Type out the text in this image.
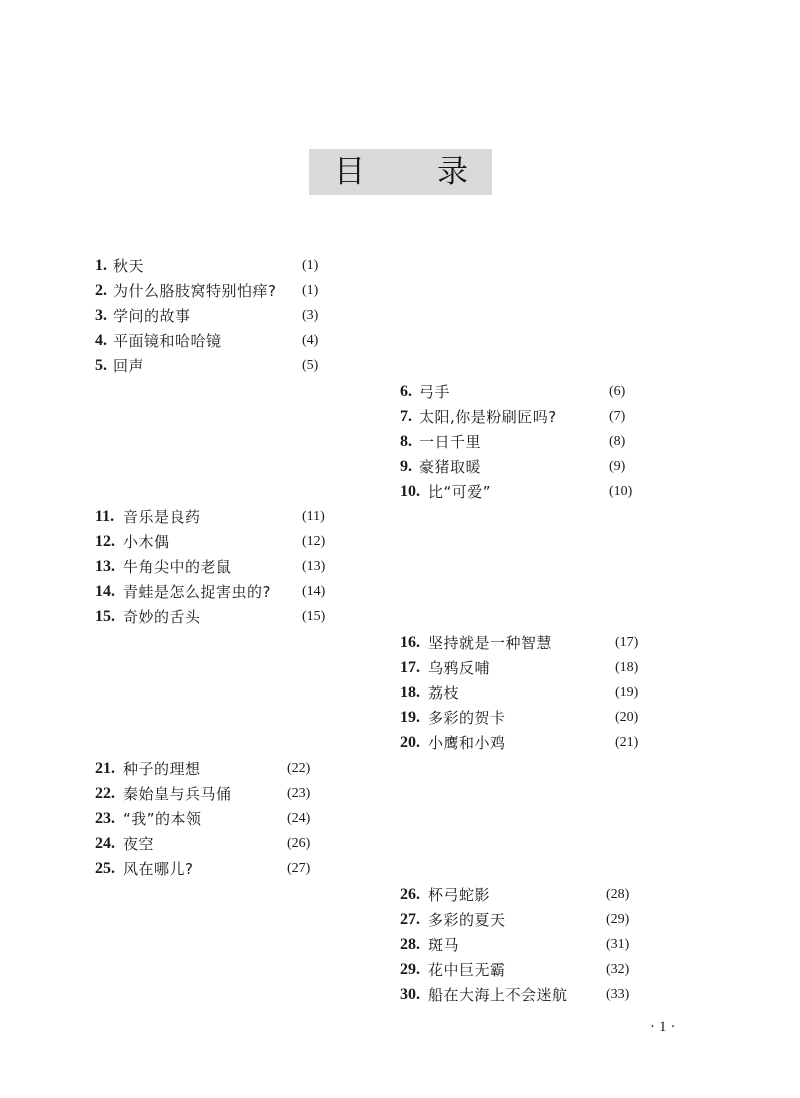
目 录
1. 秋天	(1)
2. 为什么胳肢窝特别怕痒? (1)
3. 学问的故事	(3)
4. 平面镜和哈哈镜	(4)
5. 回声	(5)
6. 弓手	(6)
7. 太阳,你是粉刷匠吗?	(7)
8. 一日千里	(8)
9. 豪猪取暖	(9)
10. 比“可爱”	(10)
11. 音乐是良药	(11)
12. 小木偶	(12)
13. 牛角尖中的老鼠	(13)
14. 青蛙是怎么捉害虫的? (14)
15. 奇妙的舌头	(15)
16. 坚持就是一种智慧	(17)
17. 乌鸦反哺	(18)
18. 荔枝	(19)
19. 多彩的贺卡	(20)
20. 小鹰和小鸡	(21)
21. 种子的理想	(22)
22. 秦始皇与兵马俑	(23)
23. “我”的本领	(24)
24. 夜空	(26)
25. 风在哪儿?	(27)
26. 杯弓蛇影	(28)
27. 多彩的夏天	(29)
28. 斑马	(31)
29. 花中巨无霸	(32)
30. 船在大海上不会迷航	(33)
·1·
